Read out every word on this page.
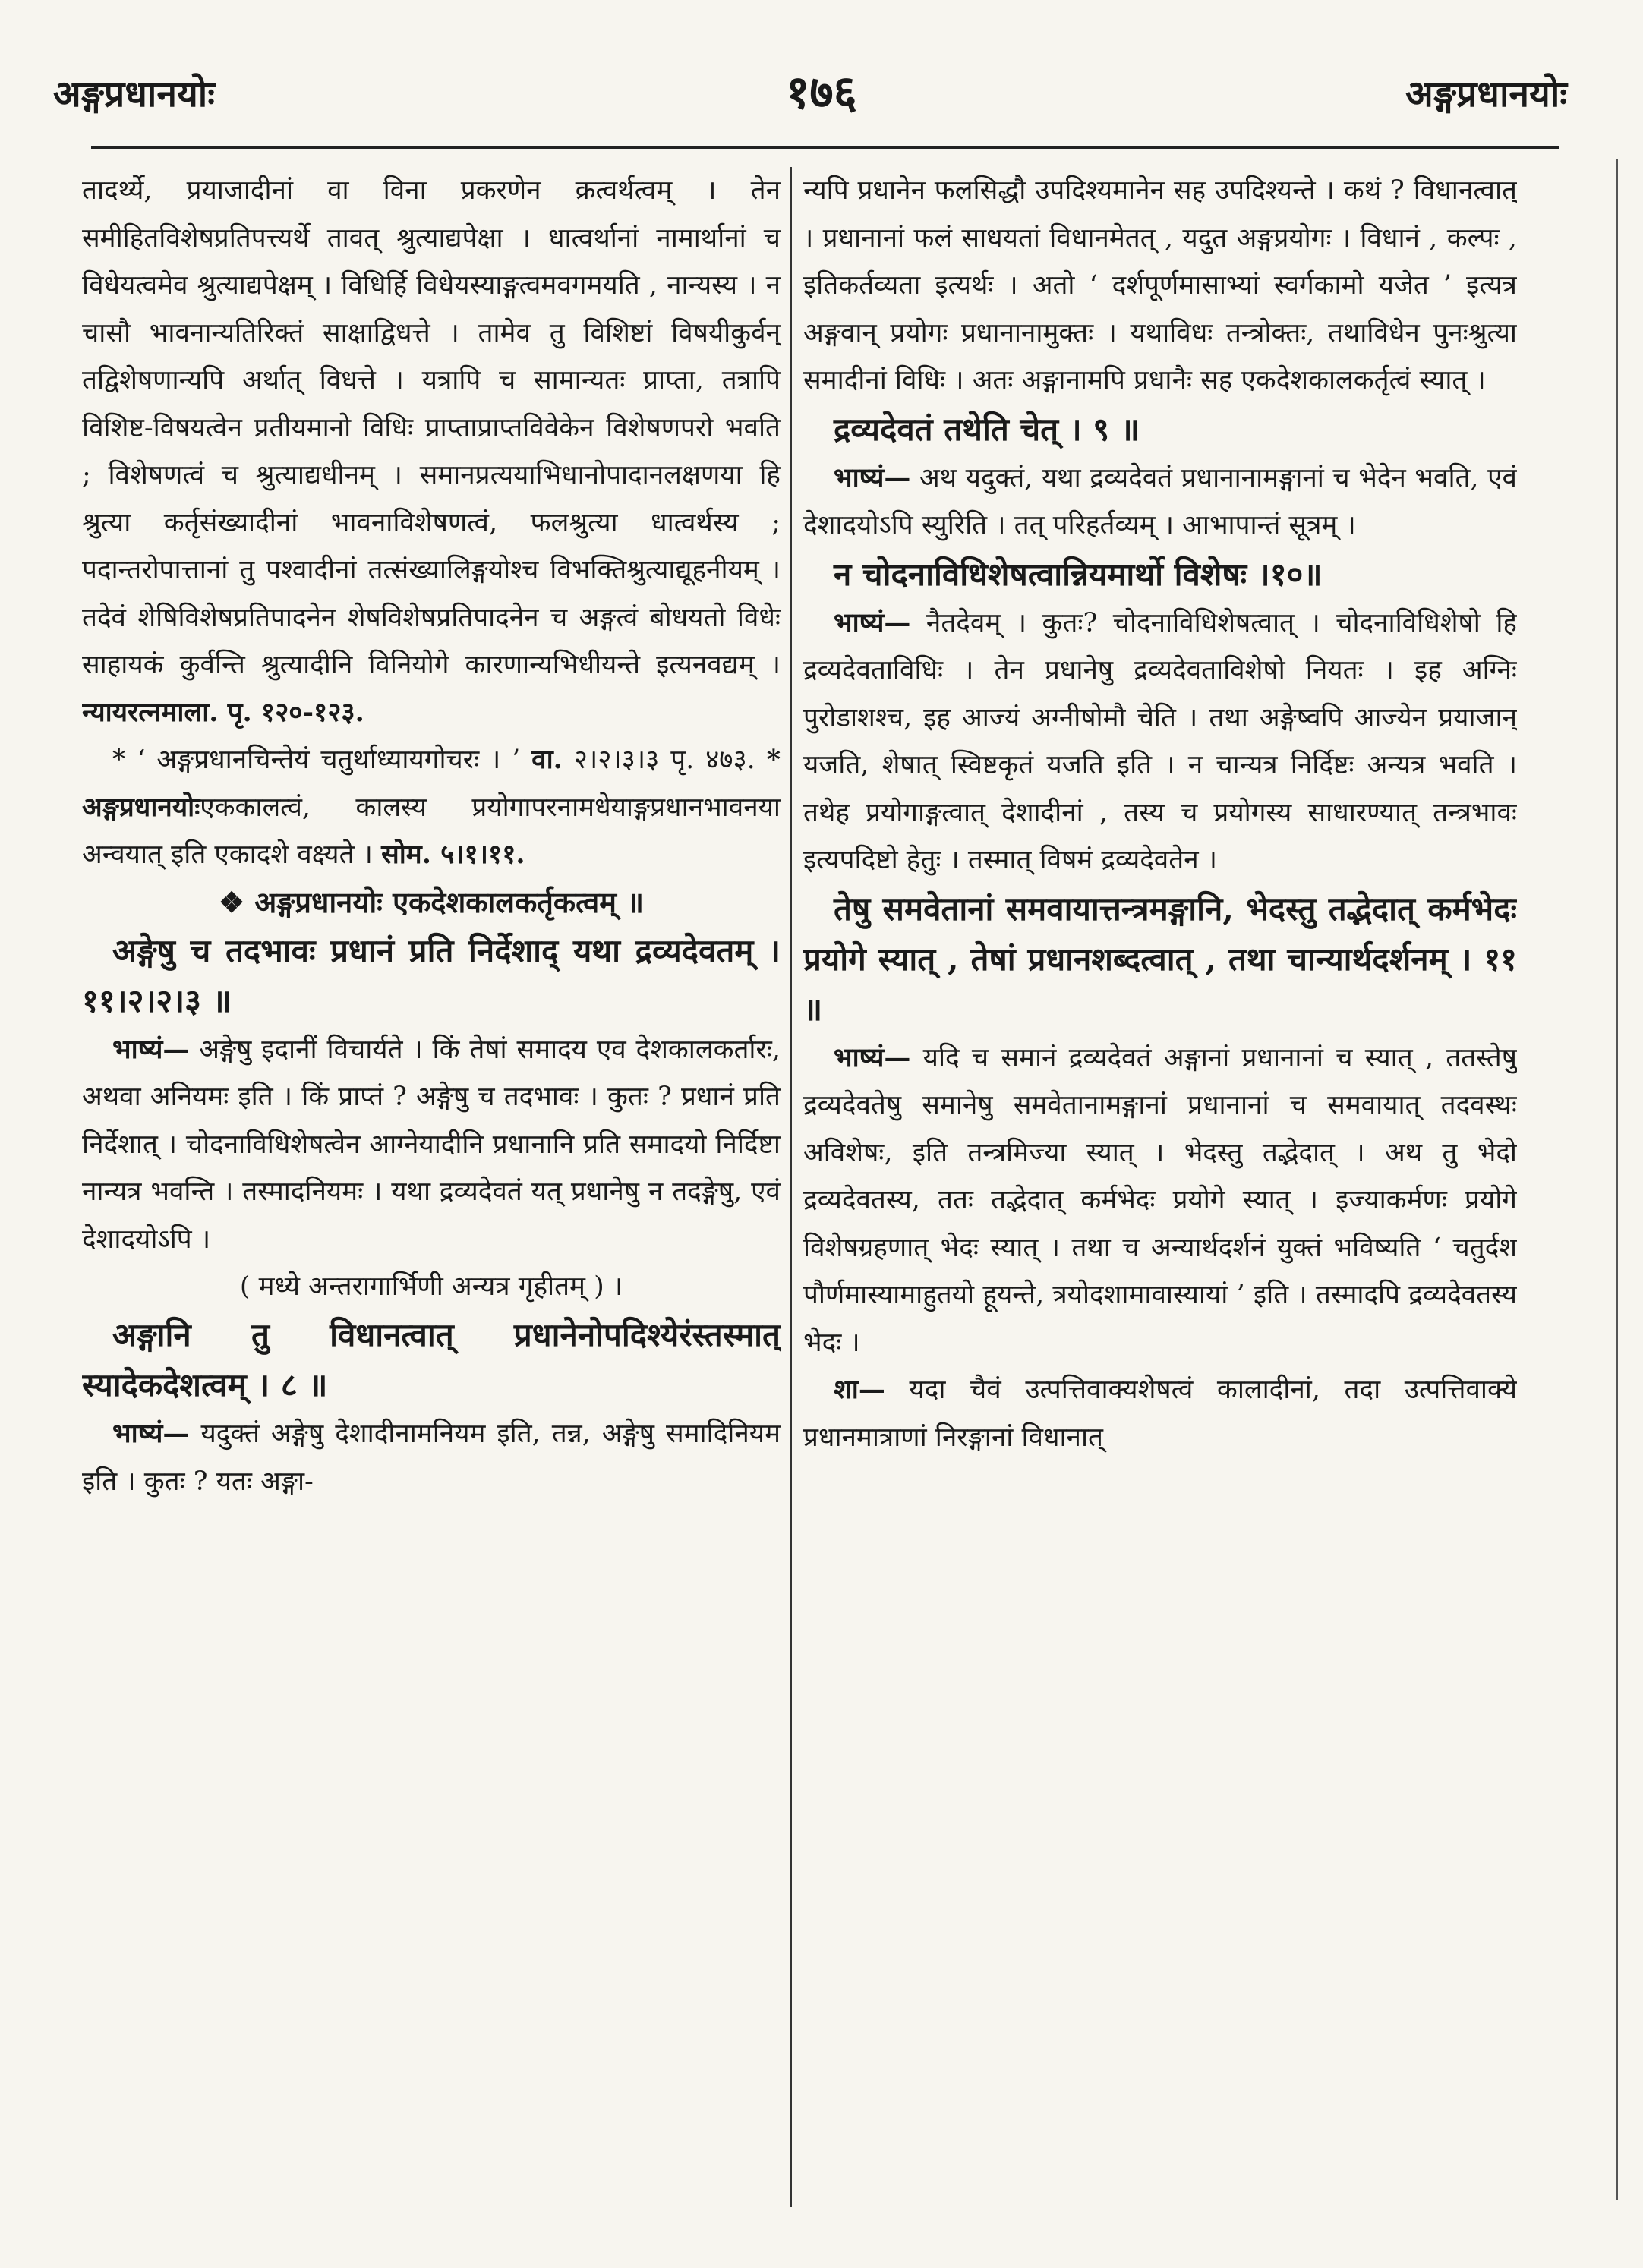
अङ्गप्रधानयोः	१७६	अङ्गप्रधानयोः

तादर्थ्ये, प्रयाजादीनां वा विना प्रकरणेन क्रत्वर्थत्वम् । तेन समीहितविशेषप्रतिपत्त्यर्थे तावत् श्रुत्याद्यपेक्षा । धात्वर्थानां नामार्थानां च विधेयत्वमेव श्रुत्याद्यपेक्षम् । विधिर्हि विधेयस्याङ्गत्वमवगमयति , नान्यस्य । न चासौ भावनान्यतिरिक्तं साक्षाद्विधत्ते । तामेव तु विशिष्टां विषयीकुर्वन् तद्विशेषणान्यपि अर्थात् विधत्ते । यत्रापि च सामान्यतः प्राप्ता, तत्रापि विशिष्ट-विषयत्वेन प्रतीयमानो विधिः प्राप्ताप्राप्तविवेकेन विशेषणपरो भवति ; विशेषणत्वं च श्रुत्याद्यधीनम् । समानप्रत्ययाभिधानोपादानलक्षणया हि श्रुत्या कर्तृसंख्यादीनां भावनाविशेषणत्वं, फलश्रुत्या धात्वर्थस्य ; पदान्तरोपात्तानां तु पश्वादीनां तत्संख्यालिङ्गयोश्च विभक्तिश्रुत्याद्यूहनीयम् । तदेवं शेषिविशेषप्रतिपादनेन शेषविशेषप्रतिपादनेन च अङ्गत्वं बोधयतो विधेः साहायकं कुर्वन्ति श्रुत्यादीनि विनियोगे कारणान्यभिधीयन्ते इत्यनवद्यम् । न्यायरत्नमाला. पृ. १२०-१२३.

* ‘ अङ्गप्रधानचिन्तेयं चतुर्थाध्यायगोचरः । ’ वा. २।२।३।३ पृ. ४७३. * अङ्गप्रधानयोःएककालत्वं, कालस्य प्रयोगापरनामधेयाङ्गप्रधानभावनया अन्वयात् इति एकादशे वक्ष्यते । सोम. ५।१।११.

❖ अङ्गप्रधानयोः एकदेशकालकर्तृकत्वम् ॥

अङ्गेषु च तदभावः प्रधानं प्रति निर्देशाद् यथा द्रव्यदेवतम् । ११।२।२।३ ॥

भाष्यं— अङ्गेषु इदानीं विचार्यते । किं तेषां समादय एव देशकालकर्तारः, अथवा अनियमः इति । किं प्राप्तं ? अङ्गेषु च तदभावः । कुतः ? प्रधानं प्रति निर्देशात् । चोदनाविधिशेषत्वेन आग्नेयादीनि प्रधानानि प्रति समादयो निर्दिष्टा नान्यत्र भवन्ति । तस्मादनियमः । यथा द्रव्यदेवतं यत् प्रधानेषु न तदङ्गेषु, एवं देशादयोऽपि ।

( मध्ये अन्तरागार्भिणी अन्यत्र गृहीतम् ) ।

अङ्गानि तु विधानत्वात् प्रधानेनोपदिश्येरंस्तस्मात् स्यादेकदेशत्वम् । ८ ॥

भाष्यं— यदुक्तं अङ्गेषु देशादीनामनियम इति, तन्न, अङ्गेषु समादिनियम इति । कुतः ? यतः अङ्गा-

न्यपि प्रधानेन फलसिद्धौ उपदिश्यमानेन सह उपदिश्यन्ते । कथं ? विधानत्वात् । प्रधानानां फलं साधयतां विधानमेतत् , यदुत अङ्गप्रयोगः । विधानं , कल्पः , इतिकर्तव्यता इत्यर्थः । अतो ‘ दर्शपूर्णमासाभ्यां स्वर्गकामो यजेत ’ इत्यत्र अङ्गवान् प्रयोगः प्रधानानामुक्तः । यथाविधः तन्त्रोक्तः, तथाविधेन पुनःश्रुत्या समादीनां विधिः । अतः अङ्गानामपि प्रधानैः सह एकदेशकालकर्तृत्वं स्यात् ।

द्रव्यदेवतं तथेति चेत् । ९ ॥

भाष्यं— अथ यदुक्तं, यथा द्रव्यदेवतं प्रधानानामङ्गानां च भेदेन भवति, एवं देशादयोऽपि स्युरिति । तत् परिहर्तव्यम् । आभापान्तं सूत्रम् ।

न चोदनाविधिशेषत्वान्नियमार्थो विशेषः ।१०॥

भाष्यं— नैतदेवम् । कुतः? चोदनाविधिशेषत्वात् । चोदनाविधिशेषो हि द्रव्यदेवताविधिः । तेन प्रधानेषु द्रव्यदेवताविशेषो नियतः । इह अग्निः पुरोडाशश्च, इह आज्यं अग्नीषोमौ चेति । तथा अङ्गेष्वपि आज्येन प्रयाजान् यजति, शेषात् स्विष्टकृतं यजति इति । न चान्यत्र निर्दिष्टः अन्यत्र भवति । तथेह प्रयोगाङ्गत्वात् देशादीनां , तस्य च प्रयोगस्य साधारण्यात् तन्त्रभावः इत्यपदिष्टो हेतुः । तस्मात् विषमं द्रव्यदेवतेन ।

तेषु समवेतानां समवायात्तन्त्रमङ्गानि, भेदस्तु तद्भेदात् कर्मभेदः प्रयोगे स्यात् , तेषां प्रधानशब्दत्वात् , तथा चान्यार्थदर्शनम् । ११ ॥

भाष्यं— यदि च समानं द्रव्यदेवतं अङ्गानां प्रधानानां च स्यात् , ततस्तेषु द्रव्यदेवतेषु समानेषु समवेतानामङ्गानां प्रधानानां च समवायात् तदवस्थः अविशेषः, इति तन्त्रमिज्या स्यात् । भेदस्तु तद्भेदात् । अथ तु भेदो द्रव्यदेवतस्य, ततः तद्भेदात् कर्मभेदः प्रयोगे स्यात् । इज्याकर्मणः प्रयोगे विशेषग्रहणात् भेदः स्यात् । तथा च अन्यार्थदर्शनं युक्तं भविष्यति ‘ चतुर्दश पौर्णमास्यामाहुतयो हूयन्ते, त्रयोदशामावास्यायां ’ इति । तस्मादपि द्रव्यदेवतस्य भेदः ।

शा— यदा चैवं उत्पत्तिवाक्यशेषत्वं कालादीनां, तदा उत्पत्तिवाक्ये प्रधानमात्राणां निरङ्गानां विधानात्
